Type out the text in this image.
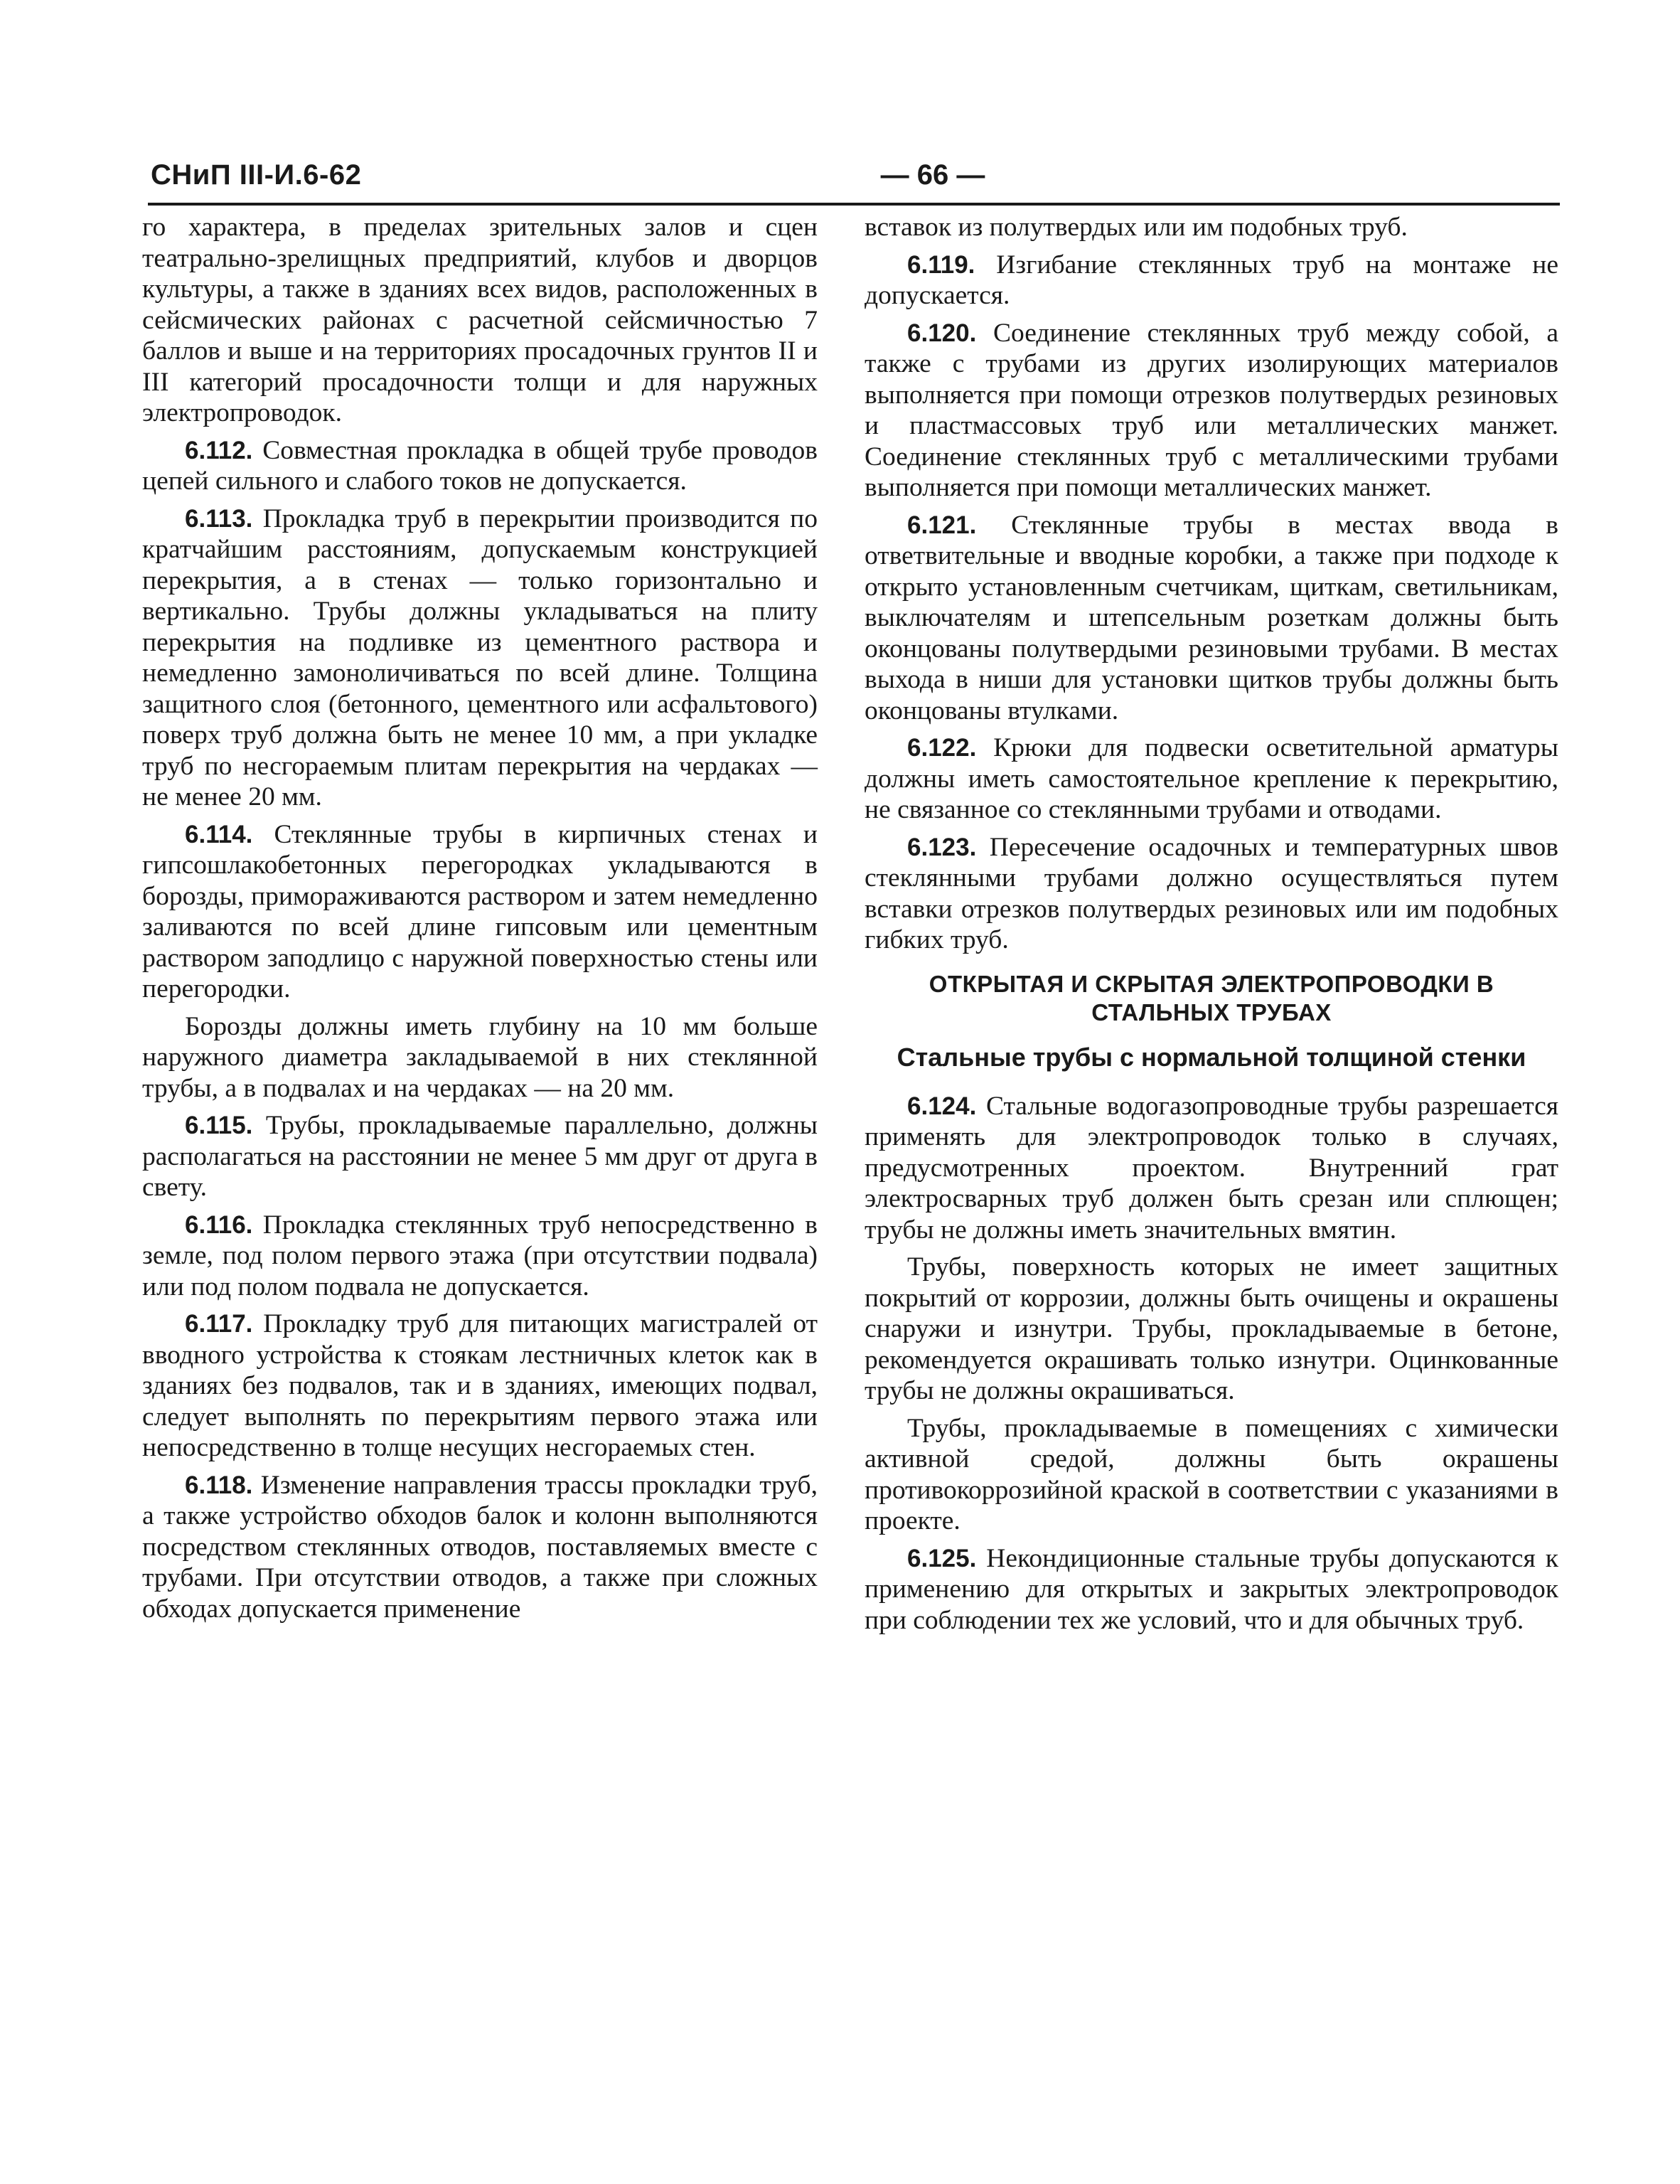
СНиП III-И.6-62	— 66 —

го характера, в пределах зрительных залов и сцен театрально-зрелищных предприятий, клубов и дворцов культуры, а также в зданиях всех видов, расположенных в сейсмических районах с расчетной сейсмичностью 7 баллов и выше и на территориях просадочных грунтов II и III категорий просадочности толщи и для наружных электропроводок.

6.112. Совместная прокладка в общей трубе проводов цепей сильного и слабого токов не допускается.

6.113. Прокладка труб в перекрытии производится по кратчайшим расстояниям, допускаемым конструкцией перекрытия, а в стенах — только горизонтально и вертикально. Трубы должны укладываться на плиту перекрытия на подливке из цементного раствора и немедленно замоноличиваться по всей длине. Толщина защитного слоя (бетонного, цементного или асфальтового) поверх труб должна быть не менее 10 мм, а при укладке труб по несгораемым плитам перекрытия на чердаках — не менее 20 мм.

6.114. Стеклянные трубы в кирпичных стенах и гипсошлакобетонных перегородках укладываются в борозды, приморaживаются раствором и затем немедленно заливаются по всей длине гипсовым или цементным раствором заподлицо с наружной поверхностью стены или перегородки.

Борозды должны иметь глубину на 10 мм больше наружного диаметра закладываемой в них стеклянной трубы, а в подвалах и на чердаках — на 20 мм.

6.115. Трубы, прокладываемые параллельно, должны располагаться на расстоянии не менее 5 мм друг от друга в свету.

6.116. Прокладка стеклянных труб непосредственно в земле, под полом первого этажа (при отсутствии подвала) или под полом подвала не допускается.

6.117. Прокладку труб для питающих магистралей от вводного устройства к стоякам лестничных клеток как в зданиях без подвалов, так и в зданиях, имеющих подвал, следует выполнять по перекрытиям первого этажа или непосредственно в толще несущих несгораемых стен.

6.118. Изменение направления трассы прокладки труб, а также устройство обходов балок и колонн выполняются посредством стеклянных отводов, поставляемых вместе с трубами. При отсутствии отводов, а также при сложных обходах допускается применение

вставок из полутвердых или им подобных труб.

6.119. Изгибание стеклянных труб на монтаже не допускается.

6.120. Соединение стеклянных труб между собой, а также с трубами из других изолирующих материалов выполняется при помощи отрезков полутвердых резиновых и пластмассовых труб или металлических манжет. Соединение стеклянных труб с металлическими трубами выполняется при помощи металлических манжет.

6.121. Стеклянные трубы в местах ввода в ответвительные и вводные коробки, а также при подходе к открыто установленным счетчикам, щиткам, светильникам, выключателям и штепсельным розеткам должны быть оконцованы полутвердыми резиновыми трубами. В местах выхода в ниши для установки щитков трубы должны быть оконцованы втулками.

6.122. Крюки для подвески осветительной арматуры должны иметь самостоятельное крепление к перекрытию, не связанное со стеклянными трубами и отводами.

6.123. Пересечение осадочных и температурных швов стеклянными трубами должно осуществляться путем вставки отрезков полутвердых резиновых или им подобных гибких труб.

ОТКРЫТАЯ И СКРЫТАЯ ЭЛЕКТРОПРОВОДКИ В СТАЛЬНЫХ ТРУБАХ
Стальные трубы с нормальной толщиной стенки

6.124. Стальные водогазопроводные трубы разрешается применять для электропроводок только в случаях, предусмотренных проектом. Внутренний грат электросварных труб должен быть срезан или сплющен; трубы не должны иметь значительных вмятин.

Трубы, поверхность которых не имеет защитных покрытий от коррозии, должны быть очищены и окрашены снаружи и изнутри. Трубы, прокладываемые в бетоне, рекомендуется окрашивать только изнутри. Оцинкованные трубы не должны окрашиваться.

Трубы, прокладываемые в помещениях с химически активной средой, должны быть окрашены противокоррозийной краской в соответствии с указаниями в проекте.

6.125. Некондиционные стальные трубы допускаются к применению для открытых и закрытых электропроводок при соблюдении тех же условий, что и для обычных труб.
